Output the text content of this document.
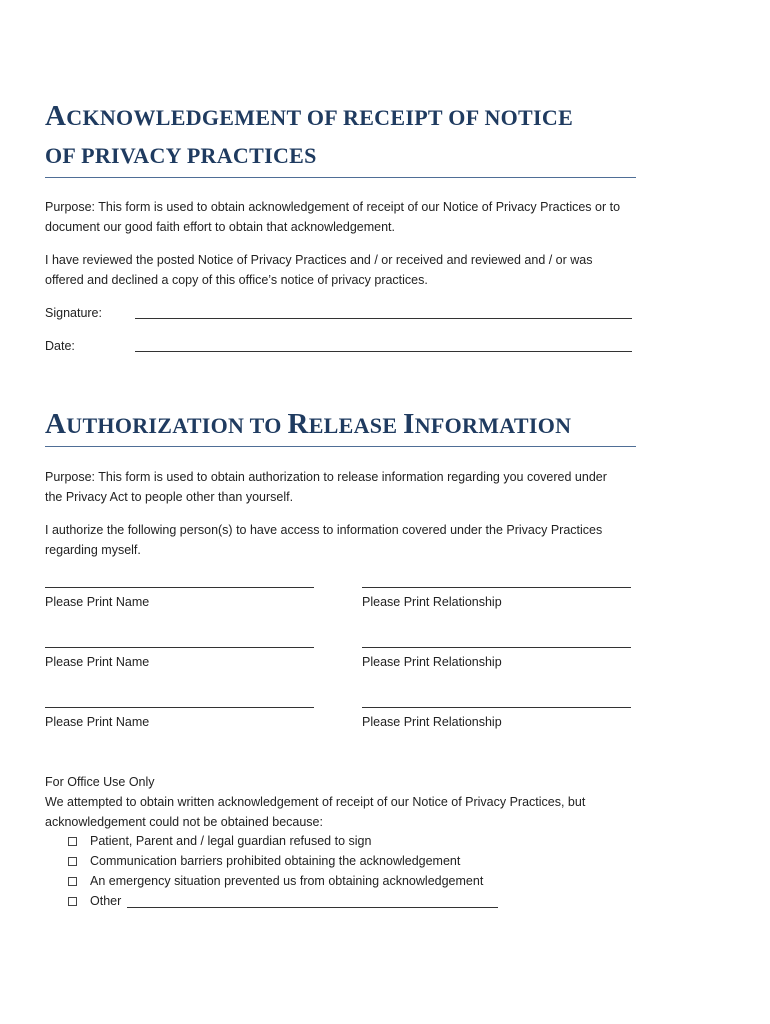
ACKNOWLEDGEMENT OF RECEIPT OF NOTICE
OF PRIVACY PRACTICES
Purpose: This form is used to obtain acknowledgement of receipt of our Notice of Privacy Practices or to
document our good faith effort to obtain that acknowledgement.
I have reviewed the posted Notice of Privacy Practices and / or received and reviewed and / or was
offered and declined a copy of this office’s notice of privacy practices.
Signature:
Date:
AUTHORIZATION TO RELEASE INFORMATION
Purpose: This form is used to obtain authorization to release information regarding you covered under
the Privacy Act to people other than yourself.
I authorize the following person(s) to have access to information covered under the Privacy Practices
regarding myself.
Please Print Name	Please Print Relationship
Please Print Name	Please Print Relationship
Please Print Name	Please Print Relationship
For Office Use Only
We attempted to obtain written acknowledgement of receipt of our Notice of Privacy Practices, but
acknowledgement could not be obtained because:
Patient, Parent and / legal guardian refused to sign
Communication barriers prohibited obtaining the acknowledgement
An emergency situation prevented us from obtaining acknowledgement
Other
